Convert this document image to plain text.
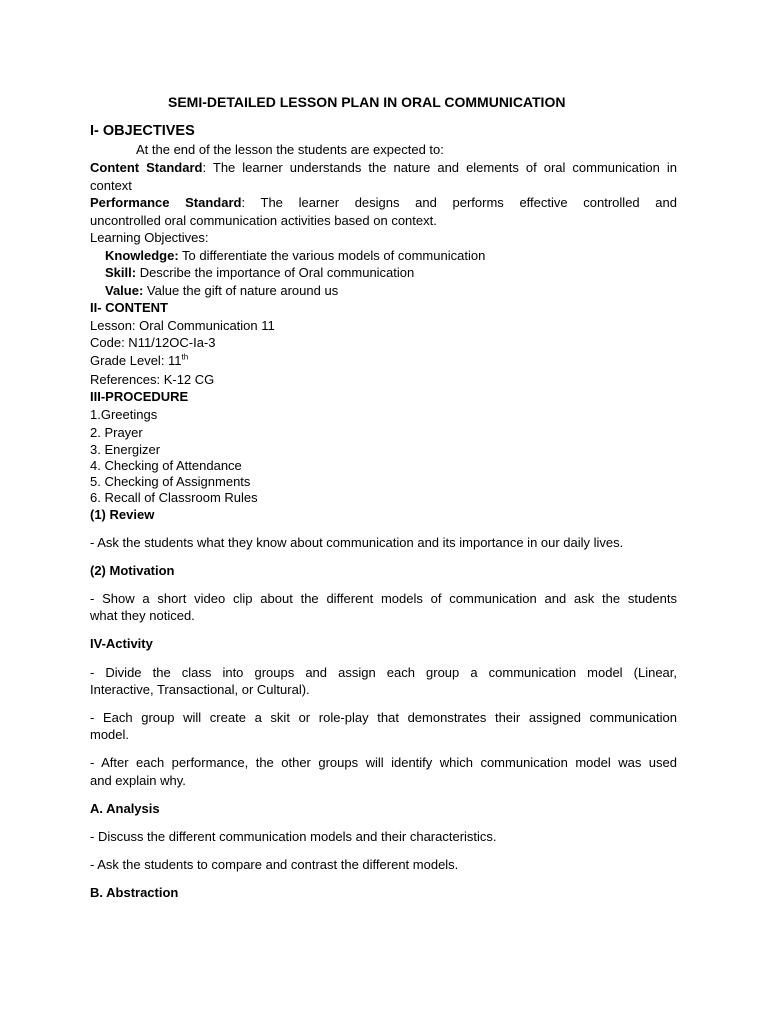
SEMI-DETAILED LESSON PLAN IN ORAL COMMUNICATION
I- OBJECTIVES
At the end of the lesson the students are expected to:
Content Standard: The learner understands the nature and elements of oral communication in
context
Performance Standard: The learner designs and performs effective controlled and
uncontrolled oral communication activities based on context.
Learning Objectives:
Knowledge: To differentiate the various models of communication
Skill: Describe the importance of Oral communication
Value: Value the gift of nature around us
II- CONTENT
Lesson: Oral Communication 11
Code: N11/12OC-Ia-3
Grade Level: 11th
References: K-12 CG
III-PROCEDURE
1.Greetings
2. Prayer
3. Energizer
4. Checking of Attendance
5. Checking of Assignments
6. Recall of Classroom Rules
(1) Review
- Ask the students what they know about communication and its importance in our daily lives.
(2) Motivation
- Show a short video clip about the different models of communication and ask the students
what they noticed.
IV-Activity
- Divide the class into groups and assign each group a communication model (Linear,
Interactive, Transactional, or Cultural).
- Each group will create a skit or role-play that demonstrates their assigned communication
model.
- After each performance, the other groups will identify which communication model was used
and explain why.
A. Analysis
- Discuss the different communication models and their characteristics.
- Ask the students to compare and contrast the different models.
B. Abstraction
